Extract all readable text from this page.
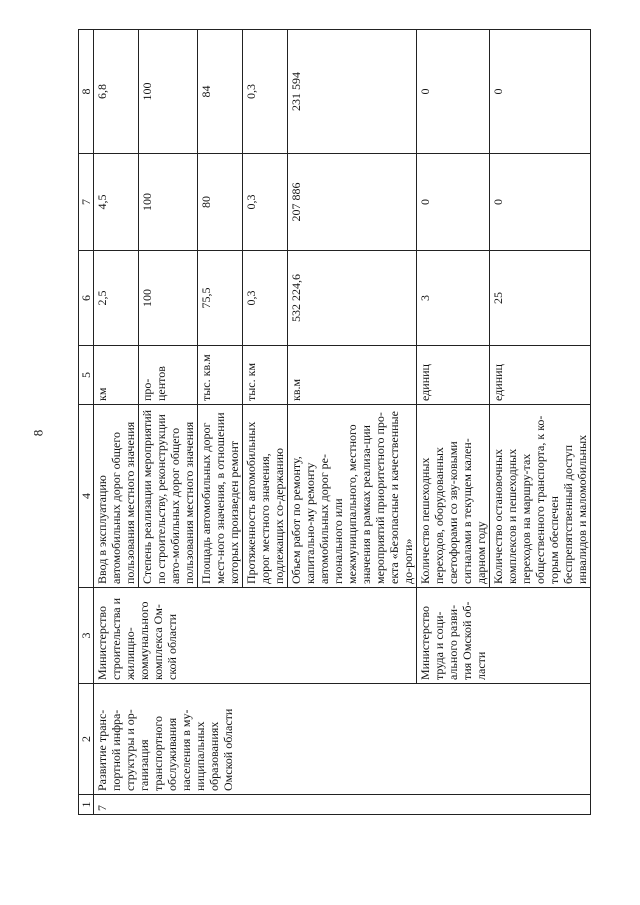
8
1	2	3	4	5	6	7	8
7	Развитие транс-портной инфра-структуры и ор-ганизация транспортного обслуживания населения в му-ниципальных образованиях Омской области	Министерство строительства и жилищно-коммунального комплекса Ом-ской области	Ввод в эксплуатацию автомобильных дорог общего пользования местного значения	км	2,5	4,5	6,8
			Степень реализации мероприятий по строительству, реконструкции авто-мобильных дорог общего пользования местного значения	про-центов	100	100	100
			Площадь автомобильных дорог мест-ного значения, в отношении которых произведен ремонт	тыс. кв.м	75,5	80	84
			Протяженность автомобильных дорог местного значения, подлежащих со-держанию	тыс. км	0,3	0,3	0,3
			Объем работ по ремонту, капитально-му ремонту автомобильных дорог ре-гионального или межмуниципального, местного значения в рамках реализа-ции мероприятий приоритетного про-екта «Безопасные и качественные до-роги»	кв.м	532 224,6	207 886	231 594
		Министерство труда и соци-ального разви-тия Омской об-ласти	Количество пешеходных переходов, оборудованных светофорами со зву-ковыми сигналами в текущем кален-дарном году	единиц	3	0	0
			Количество остановочных комплексов и пешеходных переходов на маршру-тах общественного транспорта, к ко-торым обеспечен беспрепятственный доступ инвалидов и маломобильных	единиц	25	0	0
